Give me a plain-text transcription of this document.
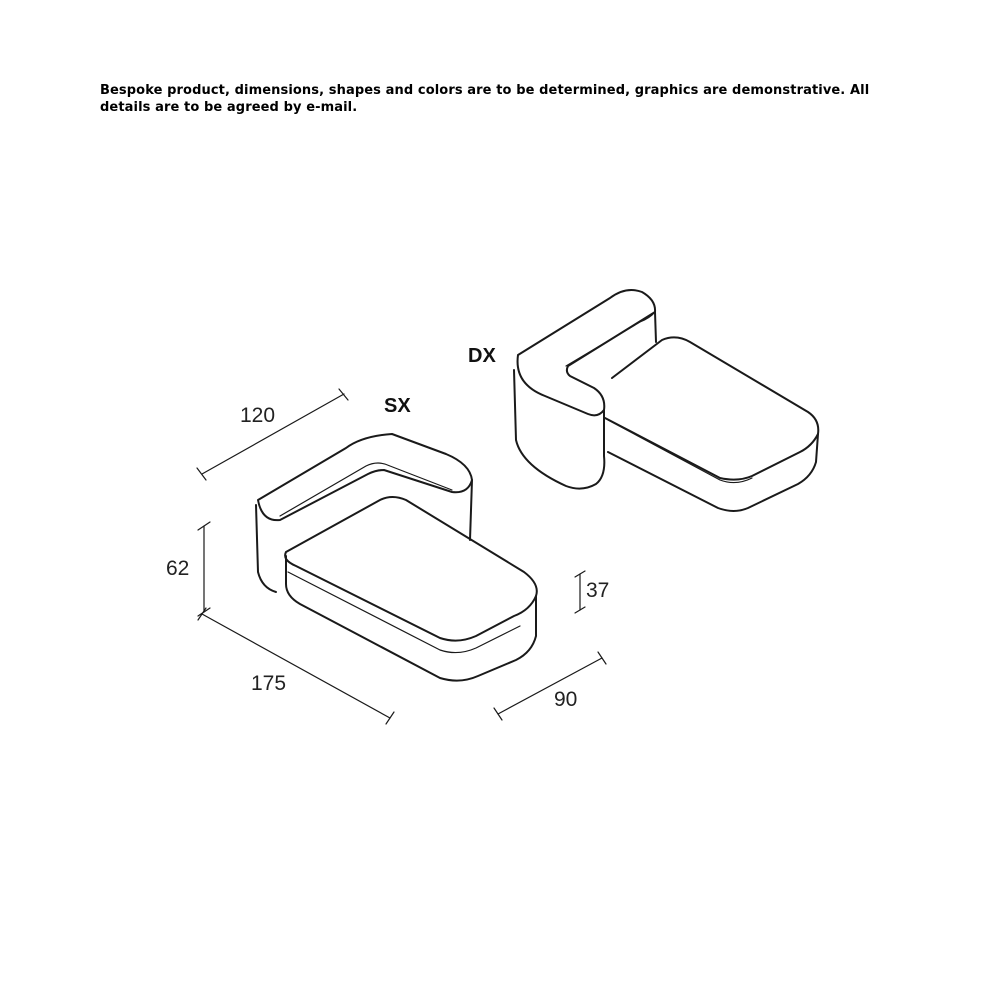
Bespoke product, dimensions, shapes and colors are to be determined, graphics are demonstrative. All details are to be agreed by e-mail.
DX
SX
120
62
175
37
90
